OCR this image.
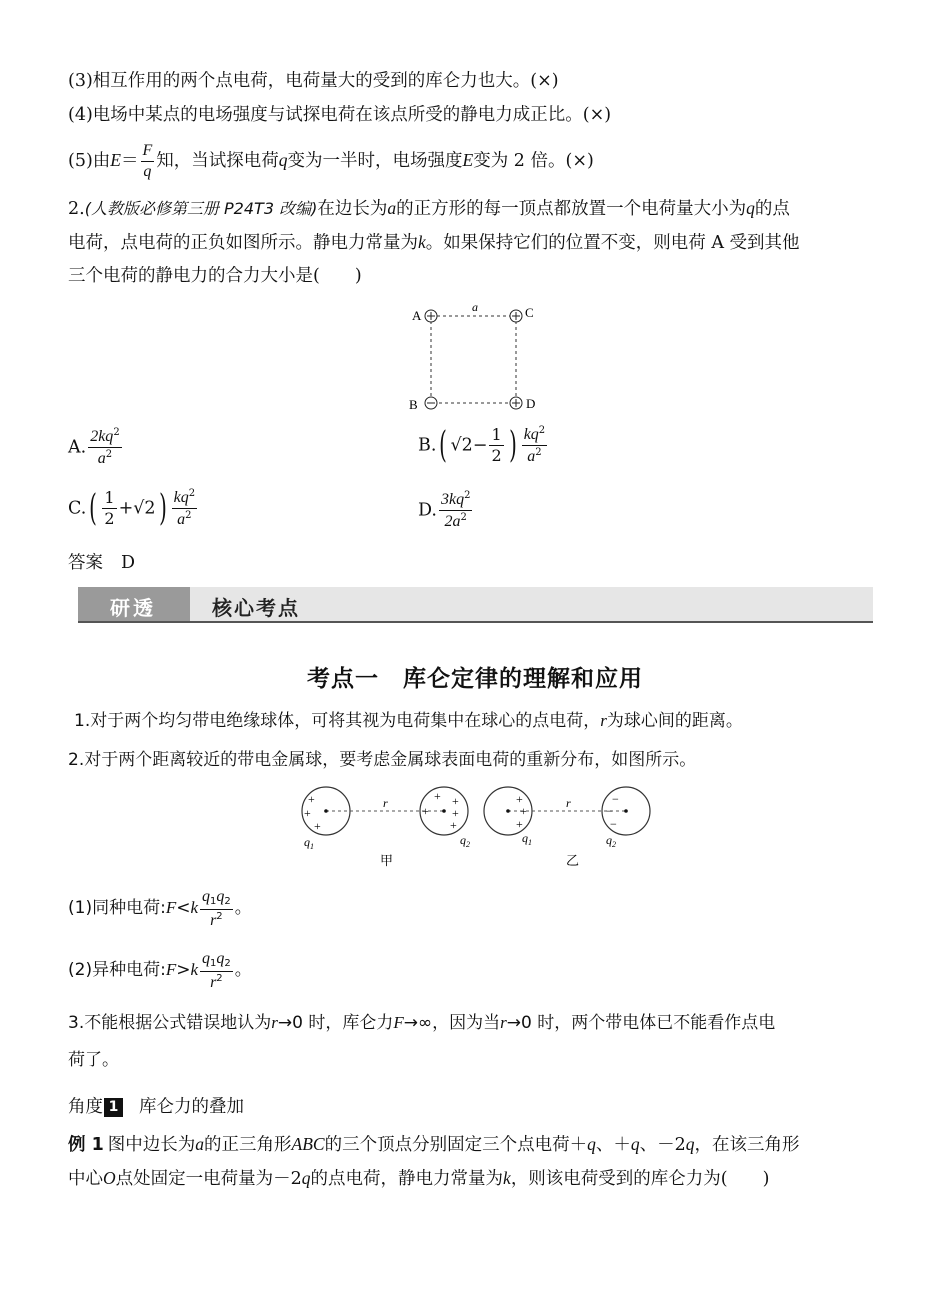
(3)相互作用的两个点电荷，电荷量大的受到的库仑力也大。(×)
(4)电场中某点的电场强度与试探电荷在该点所受的静电力成正比。(×)
(5)由$E= \frac{F}{q}$ 知，当试探电荷q变为一半时，电场强度E变为 2 倍。(×)
2.(人教版必修第三册 P24T3 改编)在边长为a的正方形的每一顶点都放置一个电荷量大小为q的点
电荷，点电荷的正负如图所示。静电力常量为k。如果保持它们的位置不变，则电荷 A 受到其他
三个电荷的静电力的合力大小是(　　)
A	C
B	D
a
A. $\frac{2kq^2}{a^2}$	B.( $√2- \frac{1}{2}$ ) $\frac{kq^2}{a^2}$
$C.( \frac{1}{2} +√2) \frac{kq^2}{a^2}$	D. $\frac{3kq^2}{2a^2}$
答案 D
研透	核心考点
考点一　库仑定律的理解和应用
1.对于两个均匀带电绝缘球体，可将其视为电荷集中在球心的点电荷，r为球心间的距离。
2.对于两个距离较近的带电金属球，要考虑金属球表面电荷的重新分布，如图所示。
+
+
+
+ +
+
+
+
r
$q_1$	$q_2$
甲
+
+
+
−
−
−
r
$q_1$	$q_2$
乙
(1)同种电荷:F<k $\frac{q_1q_2}{r^2}$ 。
(2)异种电荷:F>k $\frac{q_1q_2}{r^2}$ 。
3.不能根据公式错误地认为r→0 时，库仑力F→∞，因为当r→0 时，两个带电体已不能看作点电
荷了。
角度 1 库仑力的叠加
例 1 图中边长为a的正三角形ABC的三个顶点分别固定三个点电荷＋q、＋q、－2q，在该三角形
中心O点处固定一电荷量为－2q的点电荷，静电力常量为k，则该电荷受到的库仑力为(　　)
